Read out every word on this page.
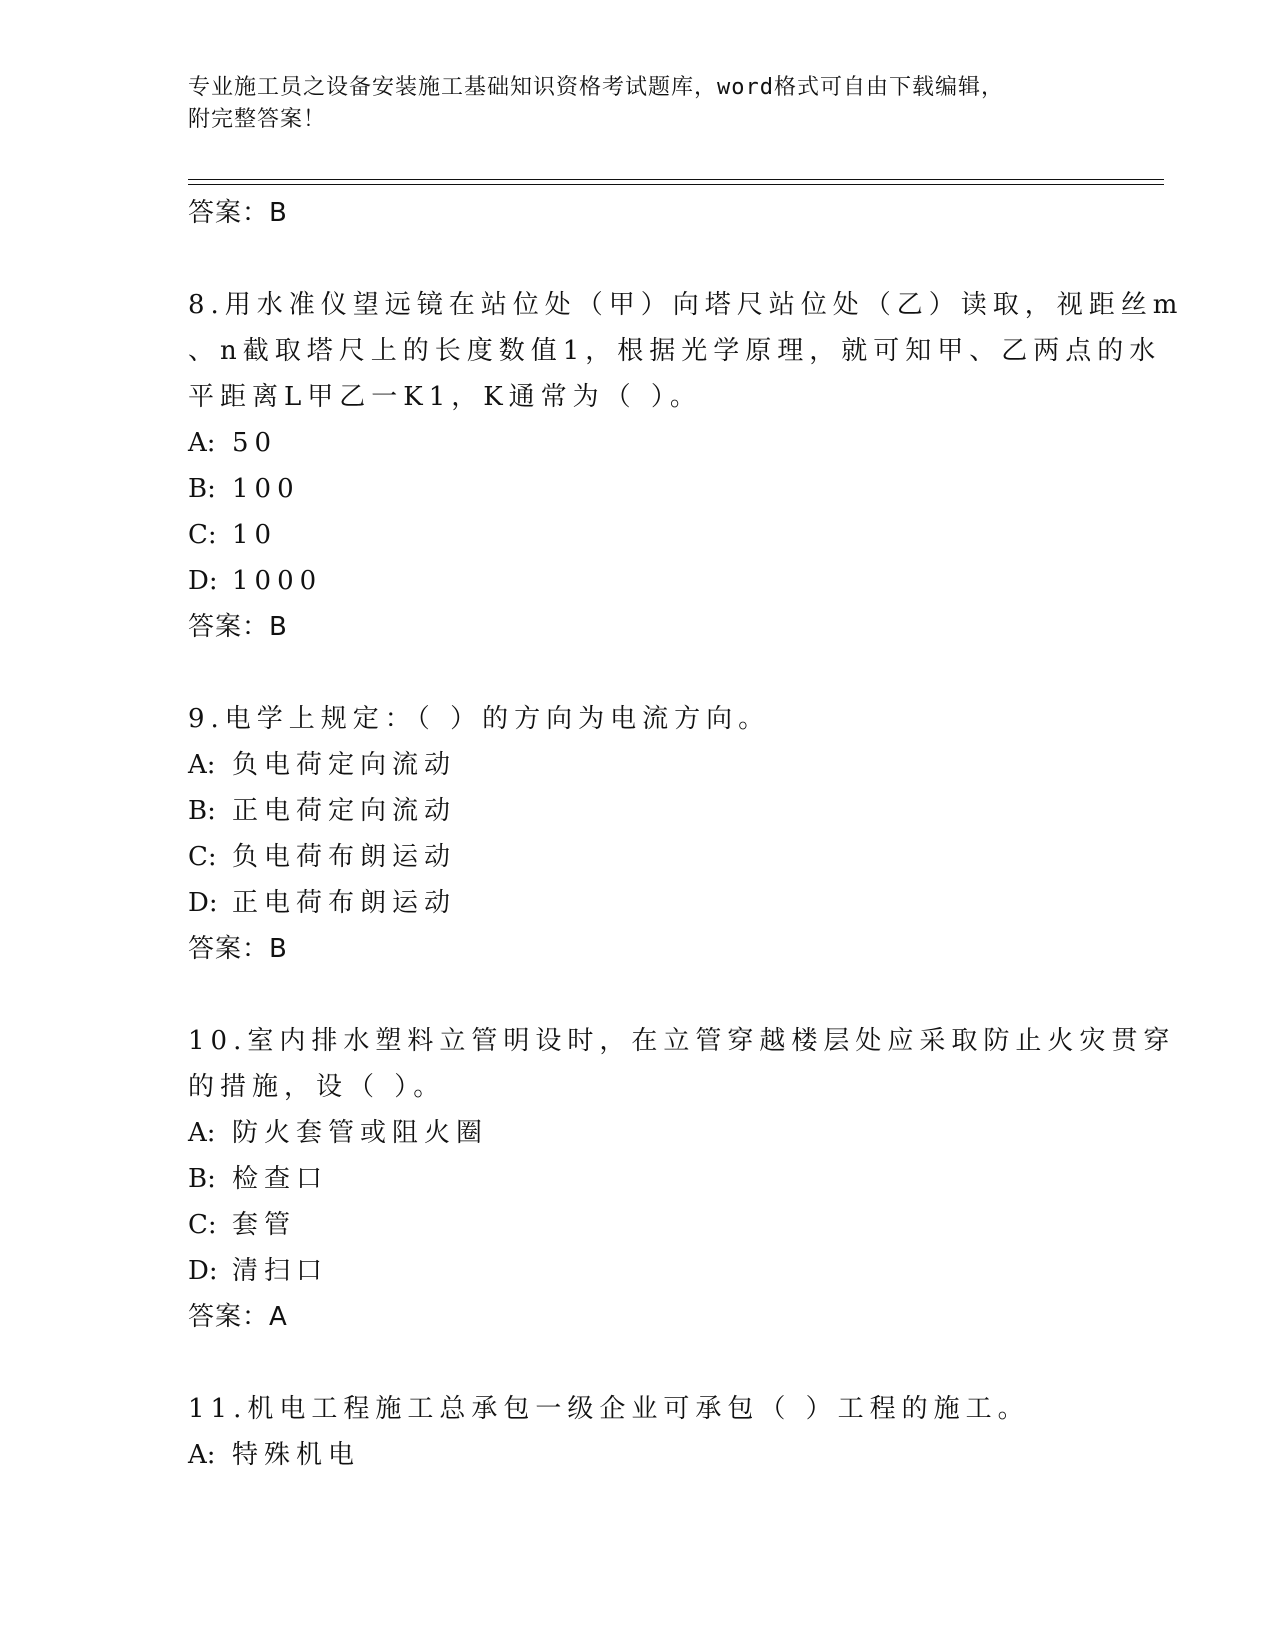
专业施工员之设备安装施工基础知识资格考试题库，word格式可自由下载编辑，
附完整答案！
答案：B
8.用水准仪望远镜在站位处（甲）向塔尺站位处（乙）读取，视距丝m
、n截取塔尺上的长度数值1，根据光学原理，就可知甲、乙两点的水
平距离L甲乙一K1，K通常为（ ）。
A: 50
B: 100
C: 10
D: 1000
答案：B
9.电学上规定：（ ）的方向为电流方向。
A: 负电荷定向流动
B: 正电荷定向流动
C: 负电荷布朗运动
D: 正电荷布朗运动
答案：B
10.室内排水塑料立管明设时，在立管穿越楼层处应采取防止火灾贯穿
的措施，设（ ）。
A: 防火套管或阻火圈
B: 检查口
C: 套管
D: 清扫口
答案：A
11.机电工程施工总承包一级企业可承包（ ）工程的施工。
A: 特殊机电
